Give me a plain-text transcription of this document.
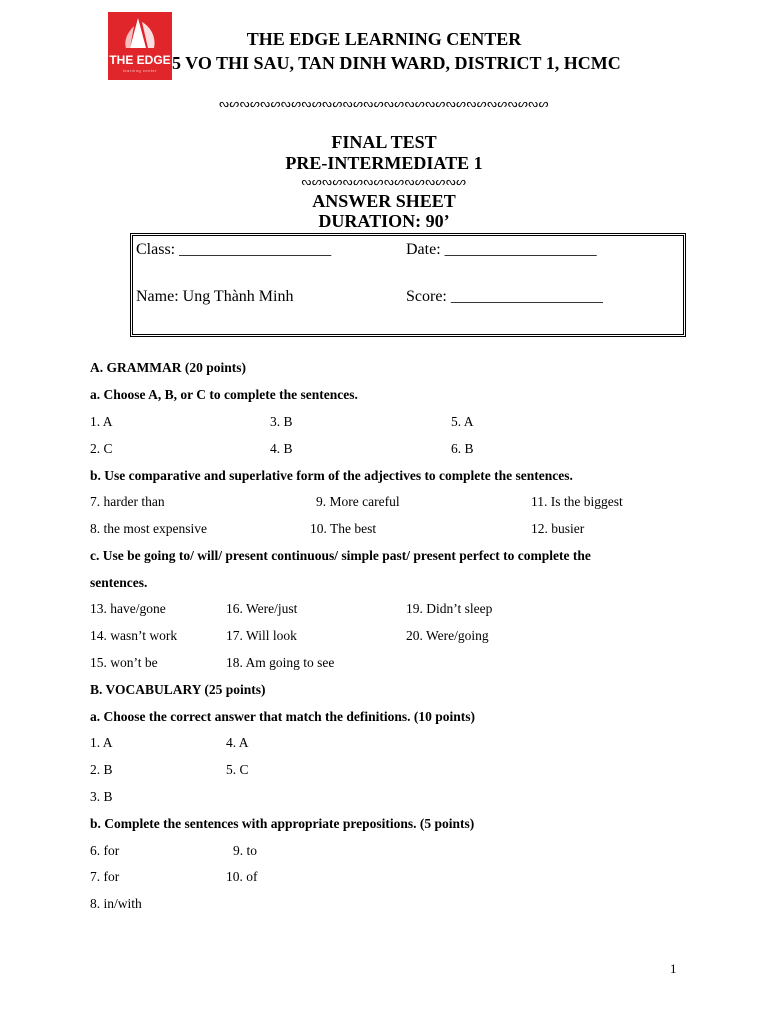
THE EDGE
learning center
THE EDGE LEARNING CENTER
5 VO THI SAU, TAN DINH WARD, DISTRICT 1, HCMC
ᔓᔕᔓᔕᔓᔕᔓᔕᔓᔕᔓᔕᔓᔕᔓᔕᔓᔕᔓᔕᔓᔕᔓᔕᔓᔕᔓᔕᔓᔕᔓᔕ
FINAL TEST
PRE-INTERMEDIATE 1
ᔓᔕᔓᔕᔓᔕᔓᔕᔓᔕᔓᔕᔓᔕᔓᔕ
ANSWER SHEET
DURATION: 90’
Class: ___________________	Date: ___________________
Name: Ung Thành Minh	Score: ___________________
A. GRAMMAR (20 points)
a. Choose A, B, or C to complete the sentences.
1. A	3. B	5. A
2. C	4. B	6. B
b. Use comparative and superlative form of the adjectives to complete the sentences.
7. harder than	9. More careful	11. Is the biggest
8. the most expensive	10. The best	12. busier
c. Use be going to/ will/ present continuous/ simple past/ present perfect to complete the
sentences.
13. have/gone	16. Were/just	19. Didn’t sleep
14. wasn’t work	17. Will look	20. Were/going
15. won’t be	18. Am going to see
B. VOCABULARY (25 points)
a. Choose the correct answer that match the definitions. (10 points)
1. A	4. A
2. B	5. C
3. B
b. Complete the sentences with appropriate prepositions. (5 points)
6. for	9. to
7. for	10. of
8. in/with
1
